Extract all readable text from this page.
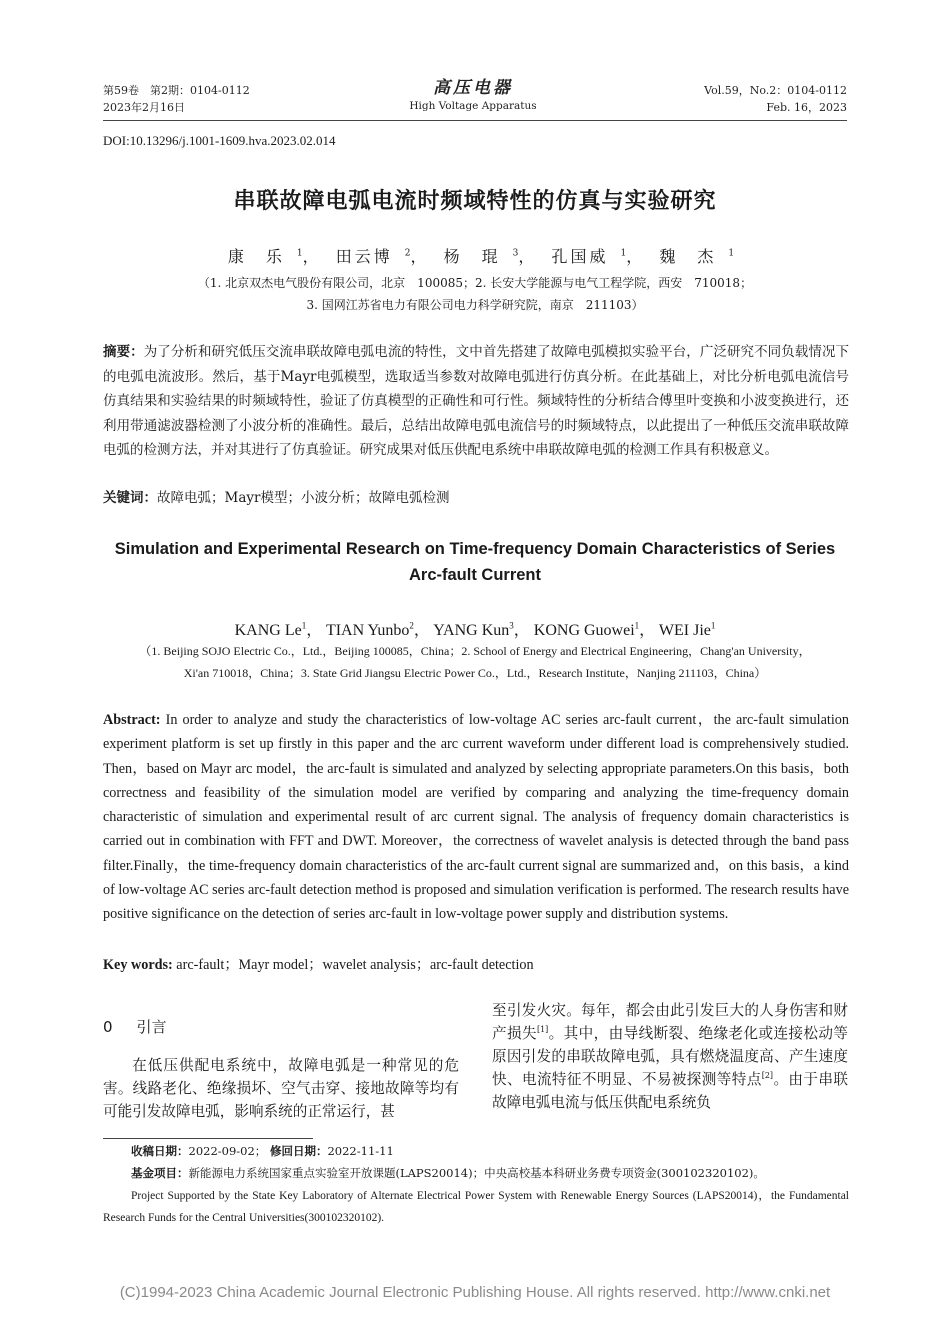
第59卷　第2期：0104-0112
2023年2月16日
高压电器
High Voltage Apparatus
Vol.59，No.2：0104-0112
Feb. 16，2023
DOI:10.13296/j.1001-1609.hva.2023.02.014
串联故障电弧电流时频域特性的仿真与实验研究
康　乐 $^1$， 田云博 $^2$， 杨　琨 $^3$， 孔国威 $^1$， 魏　杰 $^1$
（1. 北京双杰电气股份有限公司，北京　100085；2. 长安大学能源与电气工程学院，西安　710018；
3. 国网江苏省电力有限公司电力科学研究院，南京　211103）
摘要：为了分析和研究低压交流串联故障电弧电流的特性，文中首先搭建了故障电弧模拟实验平台，广泛研究不同负载情况下的电弧电流波形。然后，基于Mayr电弧模型，选取适当参数对故障电弧进行仿真分析。在此基础上，对比分析电弧电流信号仿真结果和实验结果的时频域特性，验证了仿真模型的正确性和可行性。频域特性的分析结合傅里叶变换和小波变换进行，还利用带通滤波器检测了小波分析的准确性。最后，总结出故障电弧电流信号的时频域特点，以此提出了一种低压交流串联故障电弧的检测方法，并对其进行了仿真验证。研究成果对低压供配电系统中串联故障电弧的检测工作具有积极意义。
关键词：故障电弧；Mayr模型；小波分析；故障电弧检测
Simulation and Experimental Research on Time-frequency Domain Characteristics of Series
Arc-fault Current
KANG Le$^1$， TIAN Yunbo$^2$， YANG Kun$^3$， KONG Guowei$^1$， WEI Jie$^1$
（1. Beijing SOJO Electric Co.，Ltd.，Beijing 100085，China；2. School of Energy and Electrical Engineering，Chang'an University，
Xi'an 710018，China；3. State Grid Jiangsu Electric Power Co.，Ltd.，Research Institute，Nanjing 211103，China）
Abstract: In order to analyze and study the characteristics of low-voltage AC series arc-fault current，the arc-fault simulation experiment platform is set up firstly in this paper and the arc current waveform under different load is comprehensively studied. Then，based on Mayr arc model，the arc-fault is simulated and analyzed by selecting appropriate parameters.On this basis，both correctness and feasibility of the simulation model are verified by comparing and analyzing the time-frequency domain characteristic of simulation and experimental result of arc current signal. The analysis of frequency domain characteristics is carried out in combination with FFT and DWT. Moreover，the correctness of wavelet analysis is detected through the band pass filter.Finally，the time-frequency domain characteristics of the arc-fault current signal are summarized and，on this basis，a kind of low-voltage AC series arc-fault detection method is proposed and simulation verification is performed. The research results have positive significance on the detection of series arc-fault in low-voltage power supply and distribution systems.
Key words: arc-fault；Mayr model；wavelet analysis；arc-fault detection
0 引言
在低压供配电系统中，故障电弧是一种常见的危害。线路老化、绝缘损坏、空气击穿、接地故障等均有可能引发故障电弧，影响系统的正常运行，甚
至引发火灾。每年，都会由此引发巨大的人身伤害和财产损失[1]。其中，由导线断裂、绝缘老化或连接松动等原因引发的串联故障电弧，具有燃烧温度高、产生速度快、电流特征不明显、不易被探测等特点[2]。由于串联故障电弧电流与低压供配电系统负
收稿日期：2022-09-02； 修回日期：2022-11-11
基金项目：新能源电力系统国家重点实验室开放课题(LAPS20014)；中央高校基本科研业务费专项资金(300102320102)。
Project Supported by the State Key Laboratory of Alternate Electrical Power System with Renewable Energy Sources (LAPS20014)，the Fundamental Research Funds for the Central Universities(300102320102).
(C)1994-2023 China Academic Journal Electronic Publishing House. All rights reserved. http://www.cnki.net
